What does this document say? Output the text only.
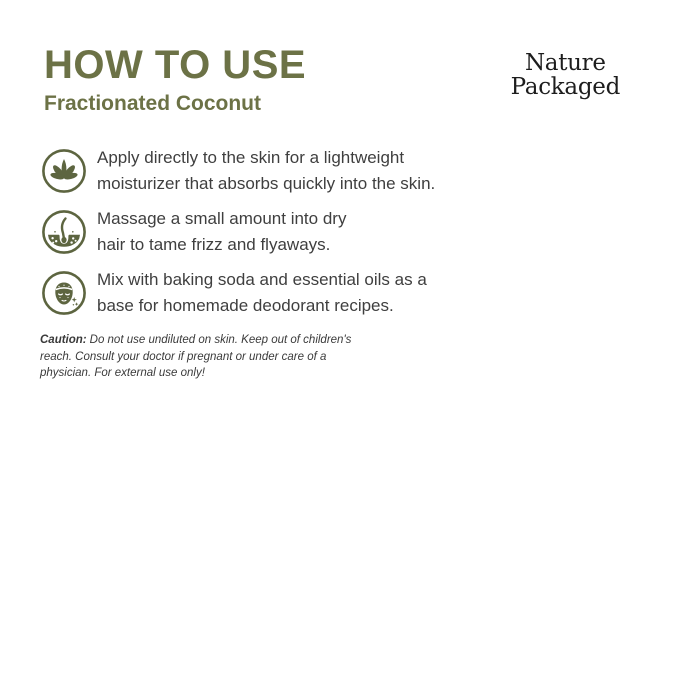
HOW TO USE
Fractionated Coconut
Nature
Packaged
Apply directly to the skin for a lightweight
moisturizer that absorbs quickly into the skin.
Massage a small amount into dry
hair to tame frizz and flyaways.
Mix with baking soda and essential oils as a
base for homemade deodorant recipes.

Caution: Do not use undiluted on skin. Keep out of children's reach. Consult your doctor if pregnant or under care of a physician. For external use only!
